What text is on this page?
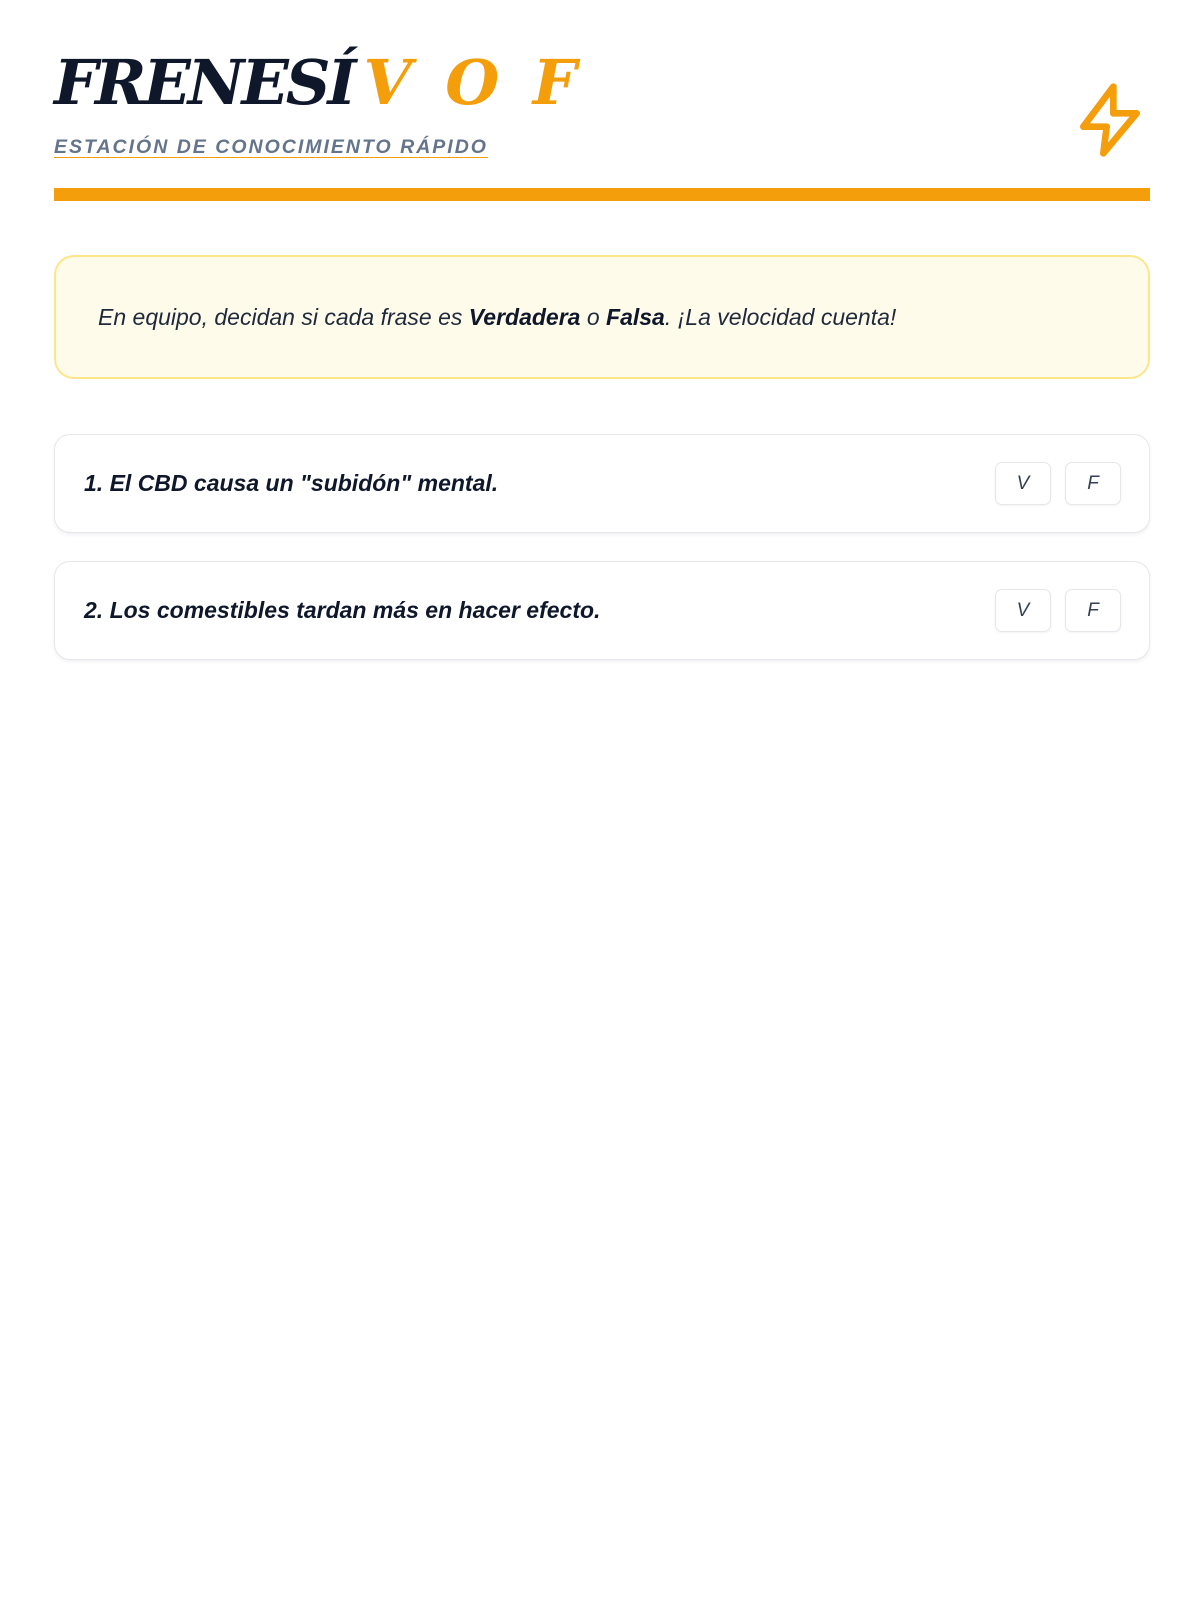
FRENESÍ V O F
ESTACIÓN DE CONOCIMIENTO RÁPIDO
En equipo, decidan si cada frase es Verdadera o Falsa. ¡La velocidad cuenta!
1. El CBD causa un "subidón" mental.	V	F
2. Los comestibles tardan más en hacer efecto.	V	F
